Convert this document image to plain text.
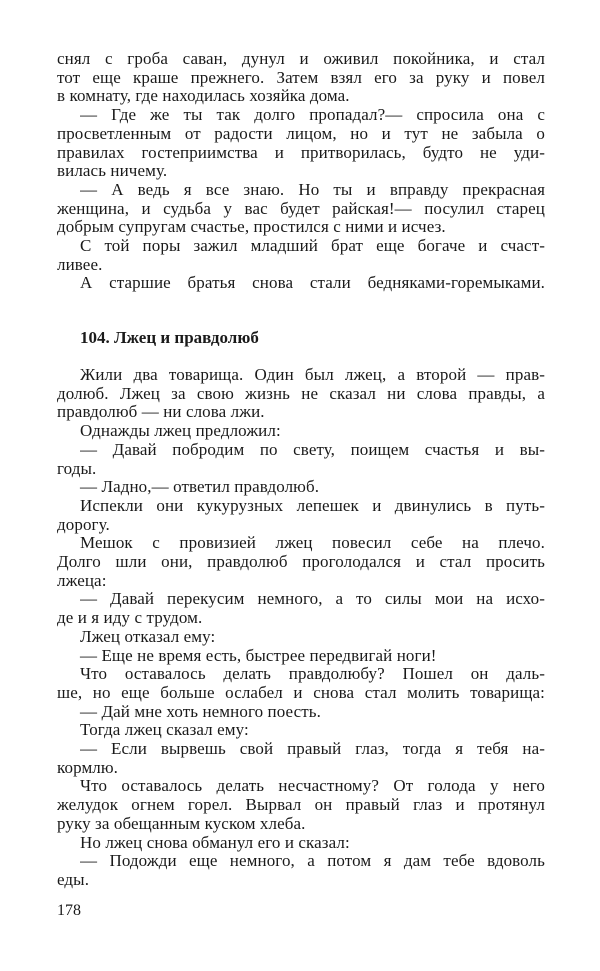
снял с гроба саван, дунул и оживил покойника, и стал
тот еще краше прежнего. Затем взял его за руку и повел
в комнату, где находилась хозяйка дома.
— Где же ты так долго пропадал?— спросила она с
просветленным от радости лицом, но и тут не забыла о
правилах гостеприимства и притворилась, будто не уди-
вилась ничему.
— А ведь я все знаю. Но ты и вправду прекрасная
женщина, и судьба у вас будет райская!— посулил старец
добрым супругам счастье, простился с ними и исчез.
С той поры зажил младший брат еще богаче и счаст-
ливее.
А старшие братья снова стали бедняками-горемыками.
104. Лжец и правдолюб
Жили два товарища. Один был лжец, а второй — прав-
долюб. Лжец за свою жизнь не сказал ни слова правды, а
правдолюб — ни слова лжи.
Однажды лжец предложил:
— Давай побродим по свету, поищем счастья и вы-
годы.
— Ладно,— ответил правдолюб.
Испекли они кукурузных лепешек и двинулись в путь-
дорогу.
Мешок с провизией лжец повесил себе на плечо.
Долго шли они, правдолюб проголодался и стал просить
лжеца:
— Давай перекусим немного, а то силы мои на исхо-
де и я иду с трудом.
Лжец отказал ему:
— Еще не время есть, быстрее передвигай ноги!
Что оставалось делать правдолюбу? Пошел он даль-
ше, но еще больше ослабел и снова стал молить товарища:
— Дай мне хоть немного поесть.
Тогда лжец сказал ему:
— Если вырвешь свой правый глаз, тогда я тебя на-
кормлю.
Что оставалось делать несчастному? От голода у него
желудок огнем горел. Вырвал он правый глаз и протянул
руку за обещанным куском хлеба.
Но лжец снова обманул его и сказал:
— Подожди еще немного, а потом я дам тебе вдоволь
еды.
178
